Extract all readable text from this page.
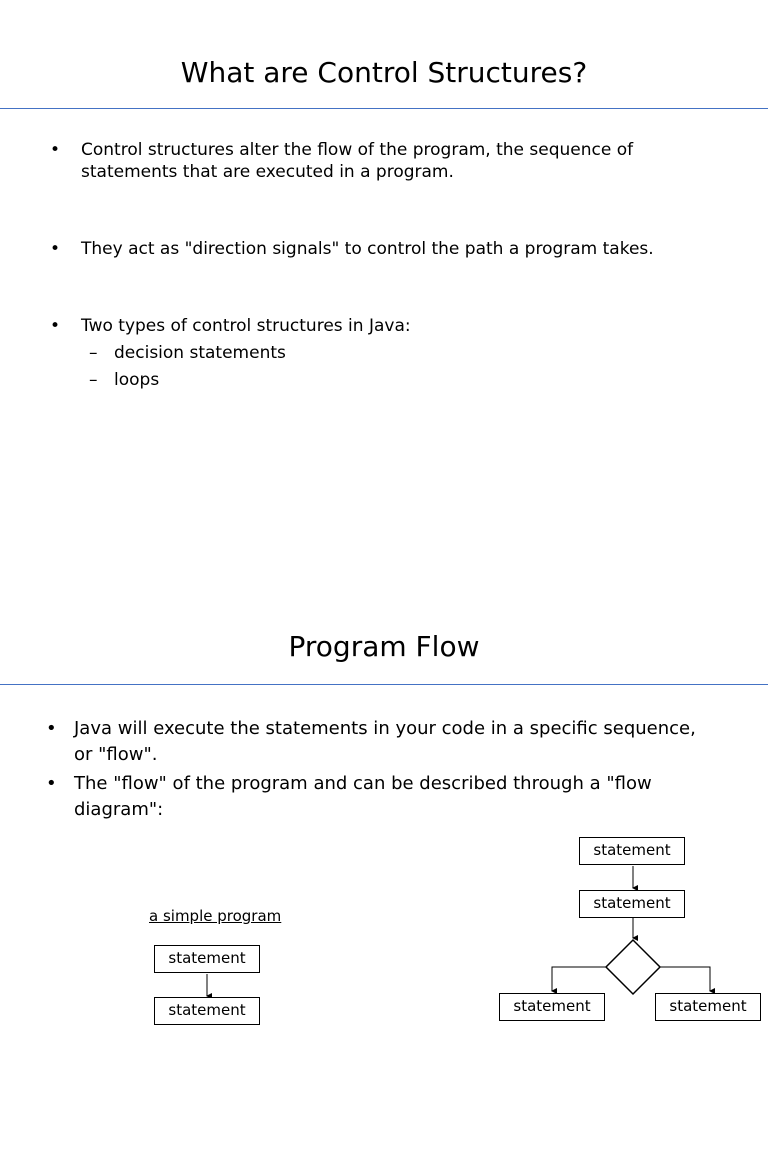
What are Control Structures?
•	Control structures alter the flow of the program, the sequence of statements that are executed in a program.
•	They act as "direction signals" to control the path a program takes.
•	Two types of control structures in Java:
– decision statements
– loops
Program Flow
• Java will execute the statements in your code in a specific sequence, or "flow".
• The "flow" of the program and can be described through a "flow diagram":
a simple program
statement
statement
statement
statement
statement	statement
